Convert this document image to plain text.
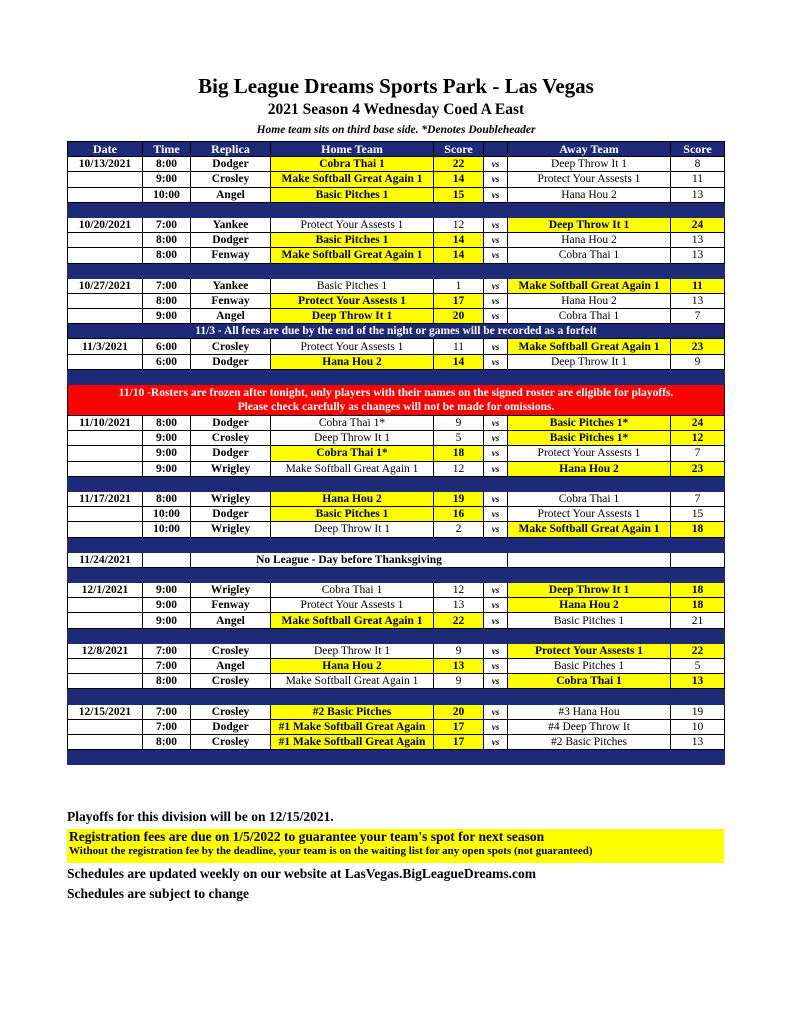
Big League Dreams Sports Park - Las Vegas
2021 Season 4 Wednesday Coed A East
Home team sits on third base side. *Denotes Doubleheader
Date	Time	Replica	Home Team	Score		Away Team	Score
10/13/2021	8:00	Dodger	Cobra Thai 1	22	vs	Deep Throw It 1	8
	9:00	Crosley	Make Softball Great Again 1	14	vs	Protect Your Assests 1	11
	10:00	Angel	Basic Pitches 1	15	vs	Hana Hou 2	13

10/20/2021	7:00	Yankee	Protect Your Assests 1	12	vs	Deep Throw It 1	24
	8:00	Dodger	Basic Pitches 1	14	vs	Hana Hou 2	13
	8:00	Fenway	Make Softball Great Again 1	14	vs	Cobra Thai 1	13

10/27/2021	7:00	Yankee	Basic Pitches 1	1	vs	Make Softball Great Again 1	11
	8:00	Fenway	Protect Your Assests 1	17	vs	Hana Hou 2	13
	9:00	Angel	Deep Throw It 1	20	vs	Cobra Thai 1	7
11/3 - All fees are due by the end of the night or games will be recorded as a forfeit							
11/3/2021	6:00	Crosley	Protect Your Assests 1	11	vs	Make Softball Great Again 1	23
	6:00	Dodger	Hana Hou 2	14	vs	Deep Throw It 1	9

11/10 -Rosters are frozen after tonight, only players with their names on the signed roster are eligible for playoffs.
Please check carefully as changes will not be made for omissions.							

11/10/2021	8:00	Dodger	Cobra Thai 1*	9	vs	Basic Pitches 1*	24
	9:00	Crosley	Deep Throw It 1	5	vs	Basic Pitches 1*	12
	9:00	Dodger	Cobra Thai 1*	18	vs	Protect Your Assests 1	7
	9:00	Wrigley	Make Softball Great Again 1	12	vs	Hana Hou 2	23

11/17/2021	8:00	Wrigley	Hana Hou 2	19	vs	Cobra Thai 1	7
	10:00	Dodger	Basic Pitches 1	16	vs	Protect Your Assests 1	15
	10:00	Wrigley	Deep Throw It 1	2	vs	Make Softball Great Again 1	18

11/24/2021		No League - Day before Thanksgiving					

12/1/2021	9:00	Wrigley	Cobra Thai 1	12	vs	Deep Throw It 1	18
	9:00	Fenway	Protect Your Assests 1	13	vs	Hana Hou 2	18
	9:00	Angel	Make Softball Great Again 1	22	vs	Basic Pitches 1	21

12/8/2021	7:00	Crosley	Deep Throw It 1	9	vs	Protect Your Assests 1	22
	7:00	Angel	Hana Hou 2	13	vs	Basic Pitches 1	5
	8:00	Crosley	Make Softball Great Again 1	9	vs	Cobra Thai 1	13

12/15/2021	7:00	Crosley	#2 Basic Pitches	20	vs	#3 Hana Hou	19
	7:00	Dodger	#1 Make Softball Great Again	17	vs	#4 Deep Throw It	10
	8:00	Crosley	#1 Make Softball Great Again	17	vs	#2 Basic Pitches	13

Playoffs for this division will be on 12/15/2021.
Registration fees are due on 1/5/2022 to guarantee your team's spot for next season
Without the registration fee by the deadline, your team is on the waiting list for any open spots (not guaranteed)
Schedules are updated weekly on our website at LasVegas.BigLeagueDreams.com
Schedules are subject to change
